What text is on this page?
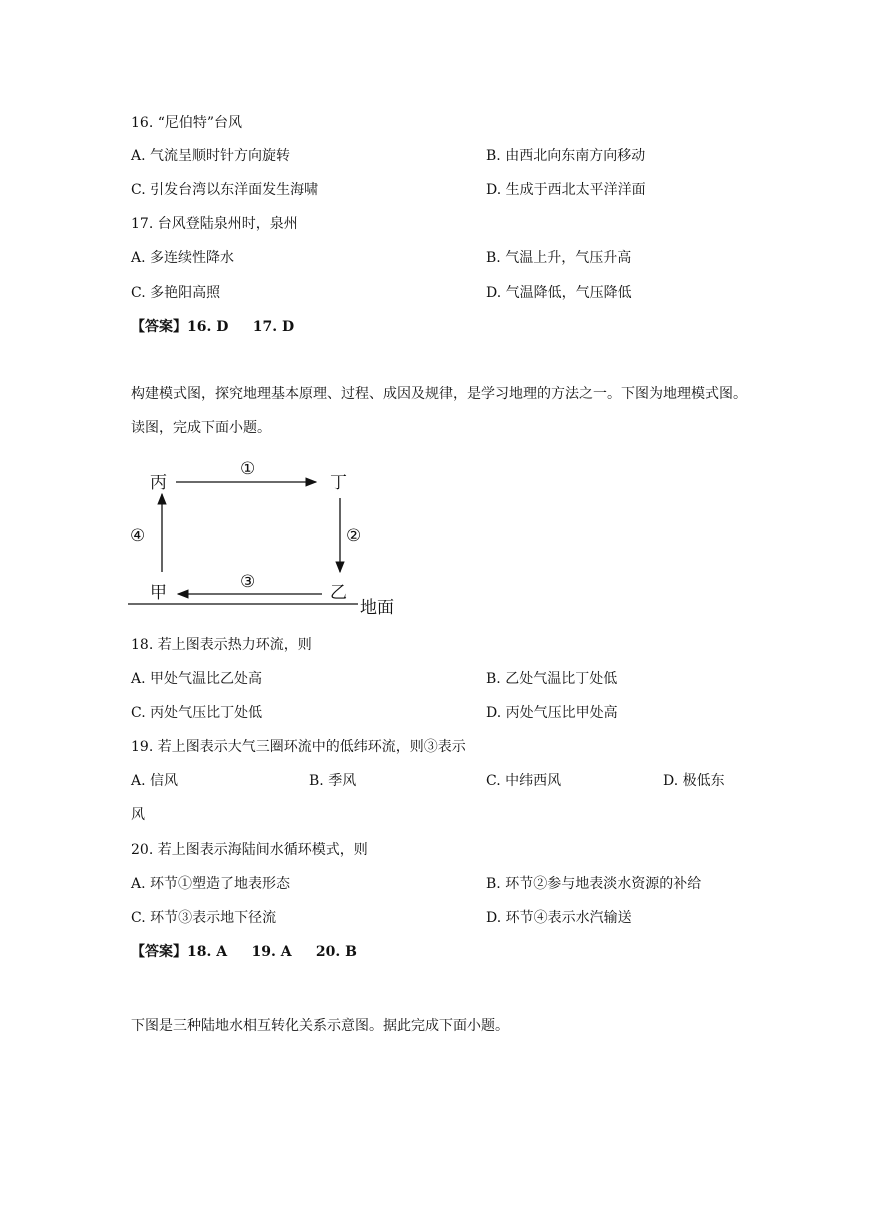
16. “尼伯特”台风
A. 气流呈顺时针方向旋转	B. 由西北向东南方向移动
C. 引发台湾以东洋面发生海啸	D. 生成于西北太平洋洋面
17. 台风登陆泉州时，泉州
A. 多连续性降水	B. 气温上升，气压升高
C. 多艳阳高照	D. 气温降低，气压降低
【答案】16. D     17. D
构建模式图，探究地理基本原理、过程、成因及规律，是学习地理的方法之一。下图为地理模式图。读图，完成下面小题。
丙	丁
甲	乙
①
②
③
④
地面
18. 若上图表示热力环流，则
A. 甲处气温比乙处高	B. 乙处气温比丁处低
C. 丙处气压比丁处低	D. 丙处气压比甲处高
19. 若上图表示大气三圈环流中的低纬环流，则③表示
A. 信风	B. 季风	C. 中纬西风	D. 极低东
风
20. 若上图表示海陆间水循环模式，则
A. 环节①塑造了地表形态	B. 环节②参与地表淡水资源的补给
C. 环节③表示地下径流	D. 环节④表示水汽输送
【答案】18. A     19. A     20. B
下图是三种陆地水相互转化关系示意图。据此完成下面小题。
